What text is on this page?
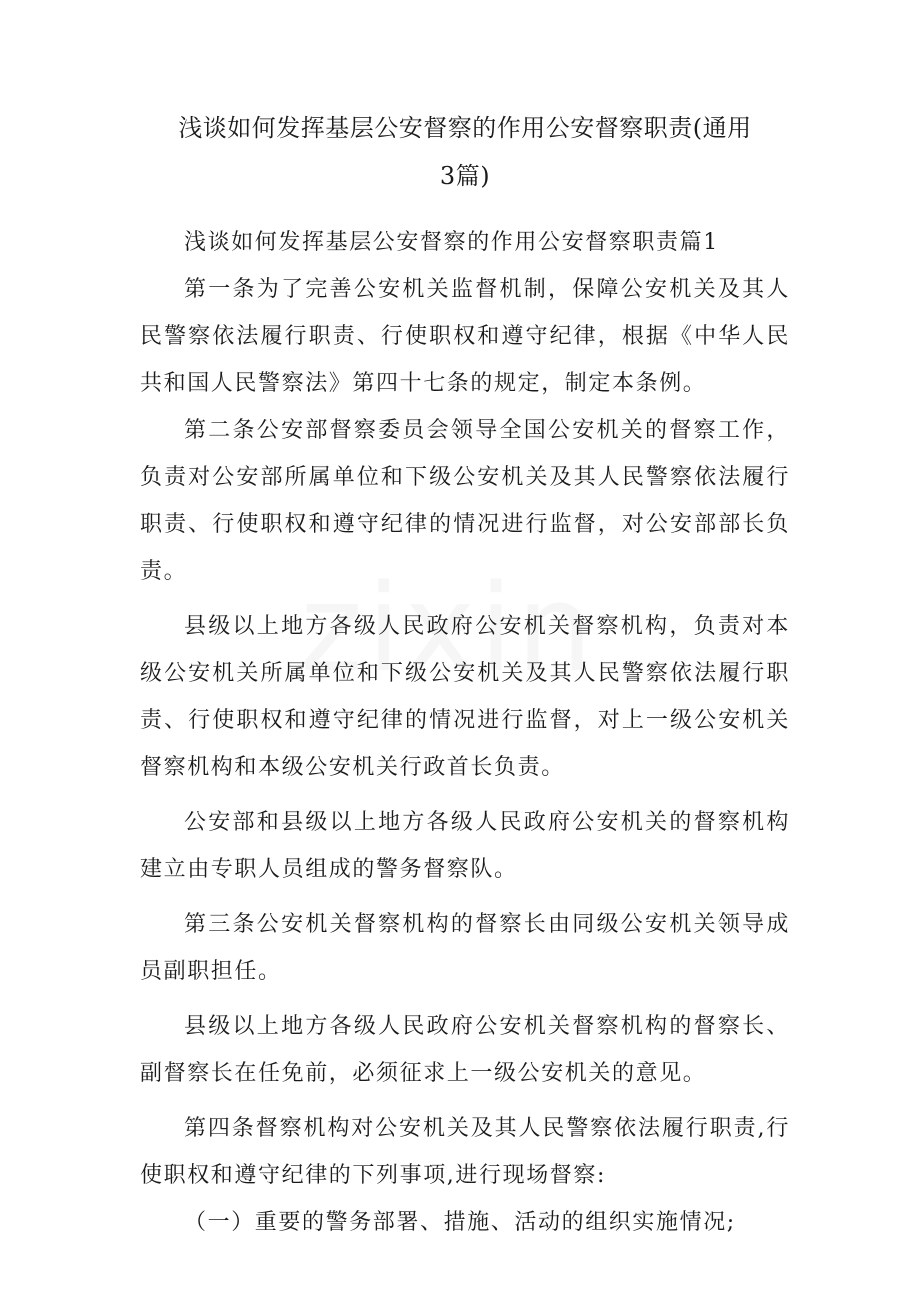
浅谈如何发挥基层公安督察的作用公安督察职责(通用
3篇)

浅谈如何发挥基层公安督察的作用公安督察职责篇1

第一条为了完善公安机关监督机制，保障公安机关及其人民警察依法履行职责、行使职权和遵守纪律，根据《中华人民共和国人民警察法》第四十七条的规定，制定本条例。

第二条公安部督察委员会领导全国公安机关的督察工作，负责对公安部所属单位和下级公安机关及其人民警察依法履行职责、行使职权和遵守纪律的情况进行监督，对公安部部长负责。

县级以上地方各级人民政府公安机关督察机构，负责对本级公安机关所属单位和下级公安机关及其人民警察依法履行职责、行使职权和遵守纪律的情况进行监督，对上一级公安机关督察机构和本级公安机关行政首长负责。

公安部和县级以上地方各级人民政府公安机关的督察机构建立由专职人员组成的警务督察队。

第三条公安机关督察机构的督察长由同级公安机关领导成员副职担任。

县级以上地方各级人民政府公安机关督察机构的督察长、副督察长在任免前，必须征求上一级公安机关的意见。

第四条督察机构对公安机关及其人民警察依法履行职责,行使职权和遵守纪律的下列事项,进行现场督察:

（一）重要的警务部署、措施、活动的组织实施情况;
